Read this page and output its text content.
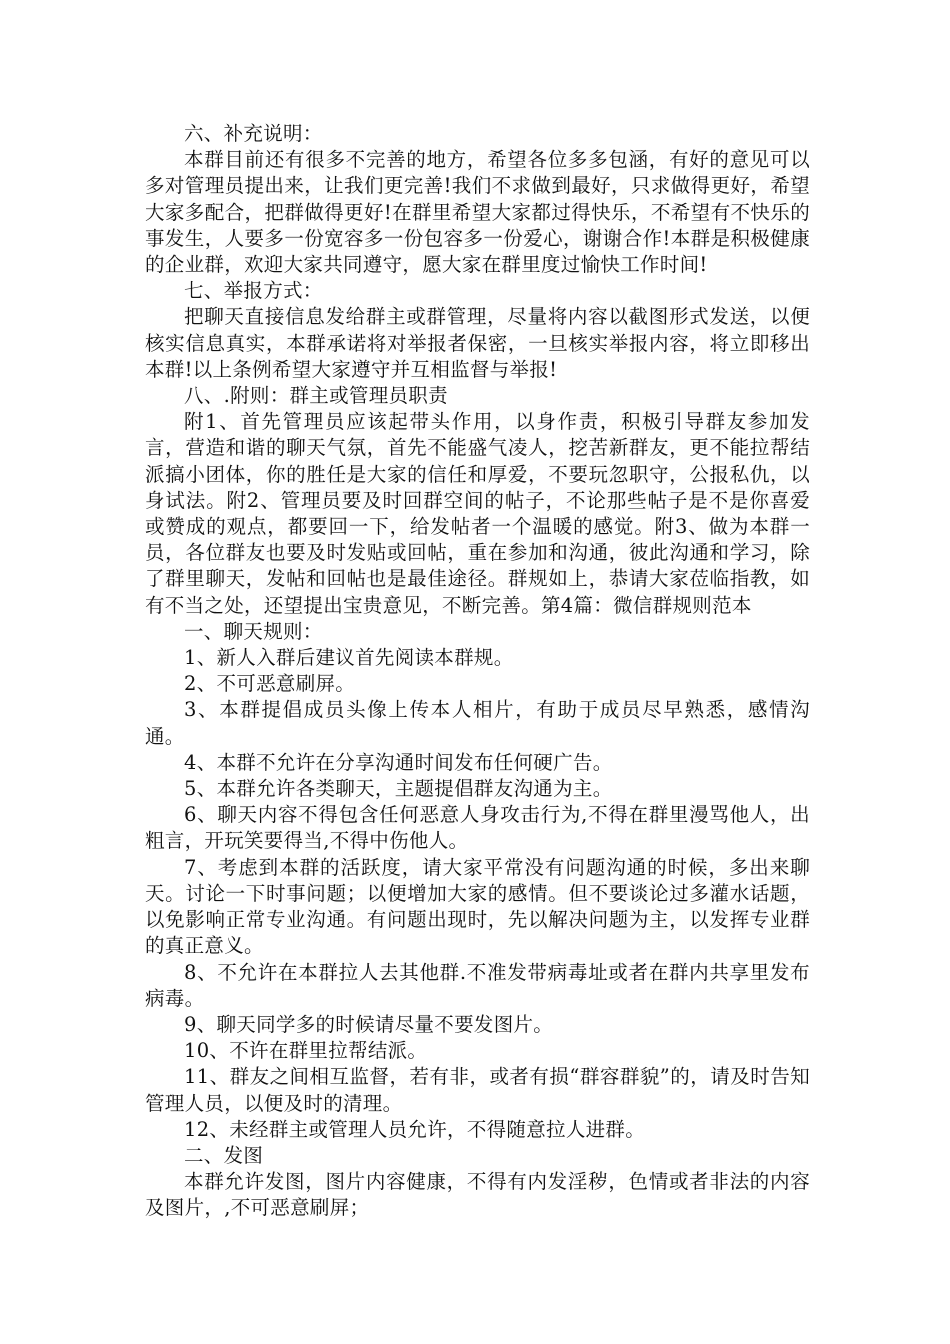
六、补充说明：

本群目前还有很多不完善的地方，希望各位多多包涵，有好的意见可以多对管理员提出来，让我们更完善!我们不求做到最好，只求做得更好，希望大家多配合，把群做得更好!在群里希望大家都过得快乐，不希望有不快乐的事发生，人要多一份宽容多一份包容多一份爱心，谢谢合作!本群是积极健康的企业群，欢迎大家共同遵守，愿大家在群里度过愉快工作时间!

七、举报方式：

把聊天直接信息发给群主或群管理，尽量将内容以截图形式发送，以便核实信息真实，本群承诺将对举报者保密，一旦核实举报内容，将立即移出本群!以上条例希望大家遵守并互相监督与举报!

八、.附则：群主或管理员职责

附1、首先管理员应该起带头作用，以身作责，积极引导群友参加发言，营造和谐的聊天气氛，首先不能盛气凌人，挖苦新群友，更不能拉帮结派搞小团体，你的胜任是大家的信任和厚爱，不要玩忽职守，公报私仇，以身试法。附2、管理员要及时回群空间的帖子，不论那些帖子是不是你喜爱或赞成的观点，都要回一下，给发帖者一个温暖的感觉。附3、做为本群一员，各位群友也要及时发贴或回帖，重在参加和沟通，彼此沟通和学习，除了群里聊天，发帖和回帖也是最佳途径。群规如上，恭请大家莅临指教，如有不当之处，还望提出宝贵意见，不断完善。第4篇：微信群规则范本

一、聊天规则：

1、新人入群后建议首先阅读本群规。

2、不可恶意刷屏。

3、本群提倡成员头像上传本人相片，有助于成员尽早熟悉，感情沟通。

4、本群不允许在分享沟通时间发布任何硬广告。

5、本群允许各类聊天，主题提倡群友沟通为主。

6、聊天内容不得包含任何恶意人身攻击行为,不得在群里漫骂他人，出粗言，开玩笑要得当,不得中伤他人。

7、考虑到本群的活跃度，请大家平常没有问题沟通的时候，多出来聊天。讨论一下时事问题；以便增加大家的感情。但不要谈论过多灌水话题，以免影响正常专业沟通。有问题出现时，先以解决问题为主，以发挥专业群的真正意义。

8、不允许在本群拉人去其他群.不准发带病毒址或者在群内共享里发布病毒。

9、聊天同学多的时候请尽量不要发图片。

10、不许在群里拉帮结派。

11、群友之间相互监督，若有非，或者有损“群容群貌”的，请及时告知管理人员，以便及时的清理。

12、未经群主或管理人员允许，不得随意拉人进群。

二、发图

本群允许发图，图片内容健康，不得有内发淫秽，色情或者非法的内容及图片，,不可恶意刷屏；
